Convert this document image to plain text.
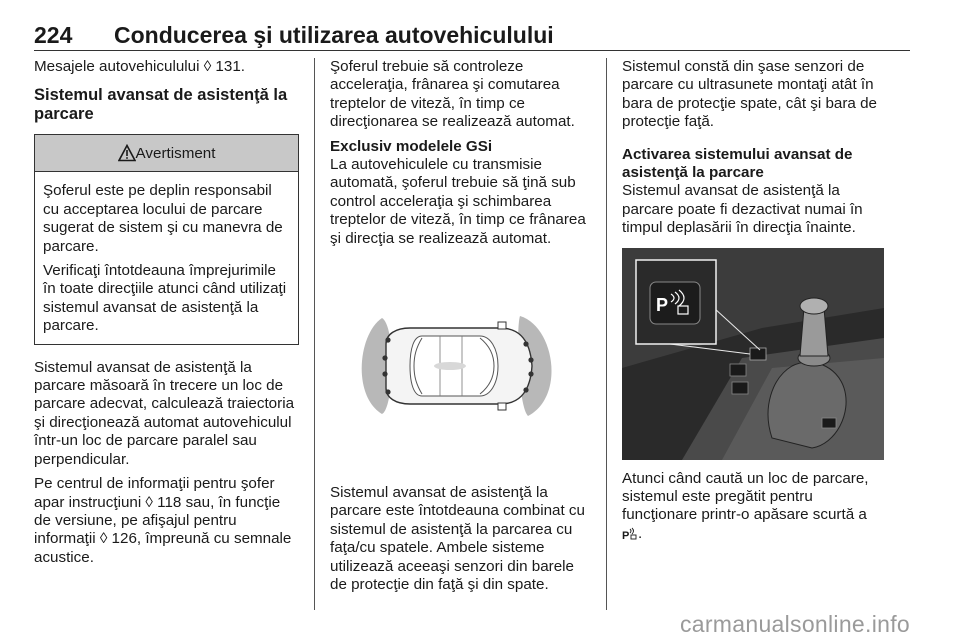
224 Conducerea şi utilizarea autovehiculului

Mesajele autovehiculului ◊ 131.

Sistemul avansat de asistenţă la parcare
Avertisment

Şoferul este pe deplin responsabil cu acceptarea locului de parcare sugerat de sistem şi cu manevra de parcare.

Verificaţi întotdeauna împrejurimile în toate direcţiile atunci când utilizaţi sistemul avansat de asistenţă la parcare.

Sistemul avansat de asistenţă la parcare măsoară în trecere un loc de parcare adecvat, calculează traiectoria şi direcţionează automat autovehiculul într-un loc de parcare paralel sau perpendicular.

Pe centrul de informaţii pentru şofer apar instrucţiuni ◊ 118 sau, în funcţie de versiune, pe afişajul pentru informaţii ◊ 126, împreună cu semnale acustice.

Şoferul trebuie să controleze acceleraţia, frânarea şi comutarea treptelor de viteză, în timp ce direcţionarea se realizează automat.

Exclusiv modelele GSi

La autovehiculele cu transmisie automată, şoferul trebuie să ţină sub control acceleraţia şi schimbarea treptelor de viteză, în timp ce frânarea şi direcţia se realizează automat.

Sistemul avansat de asistenţă la parcare este întotdeauna combinat cu sistemul de asistenţă la parcarea cu faţa/cu spatele. Ambele sisteme utilizează aceeaşi senzori din barele de protecţie din faţă şi din spate.

Sistemul constă din şase senzori de parcare cu ultrasunete montaţi atât în bara de protecţie spate, cât şi bara de protecţie faţă.

Activarea sistemului avansat de asistenţă la parcare

Sistemul avansat de asistenţă la parcare poate fi dezactivat numai în timpul deplasării în direcţia înainte.

P

Atunci când caută un loc de parcare, sistemul este pregătit pentru funcţionare printr-o apăsare scurtă a
P .

carmanualsonline.info
